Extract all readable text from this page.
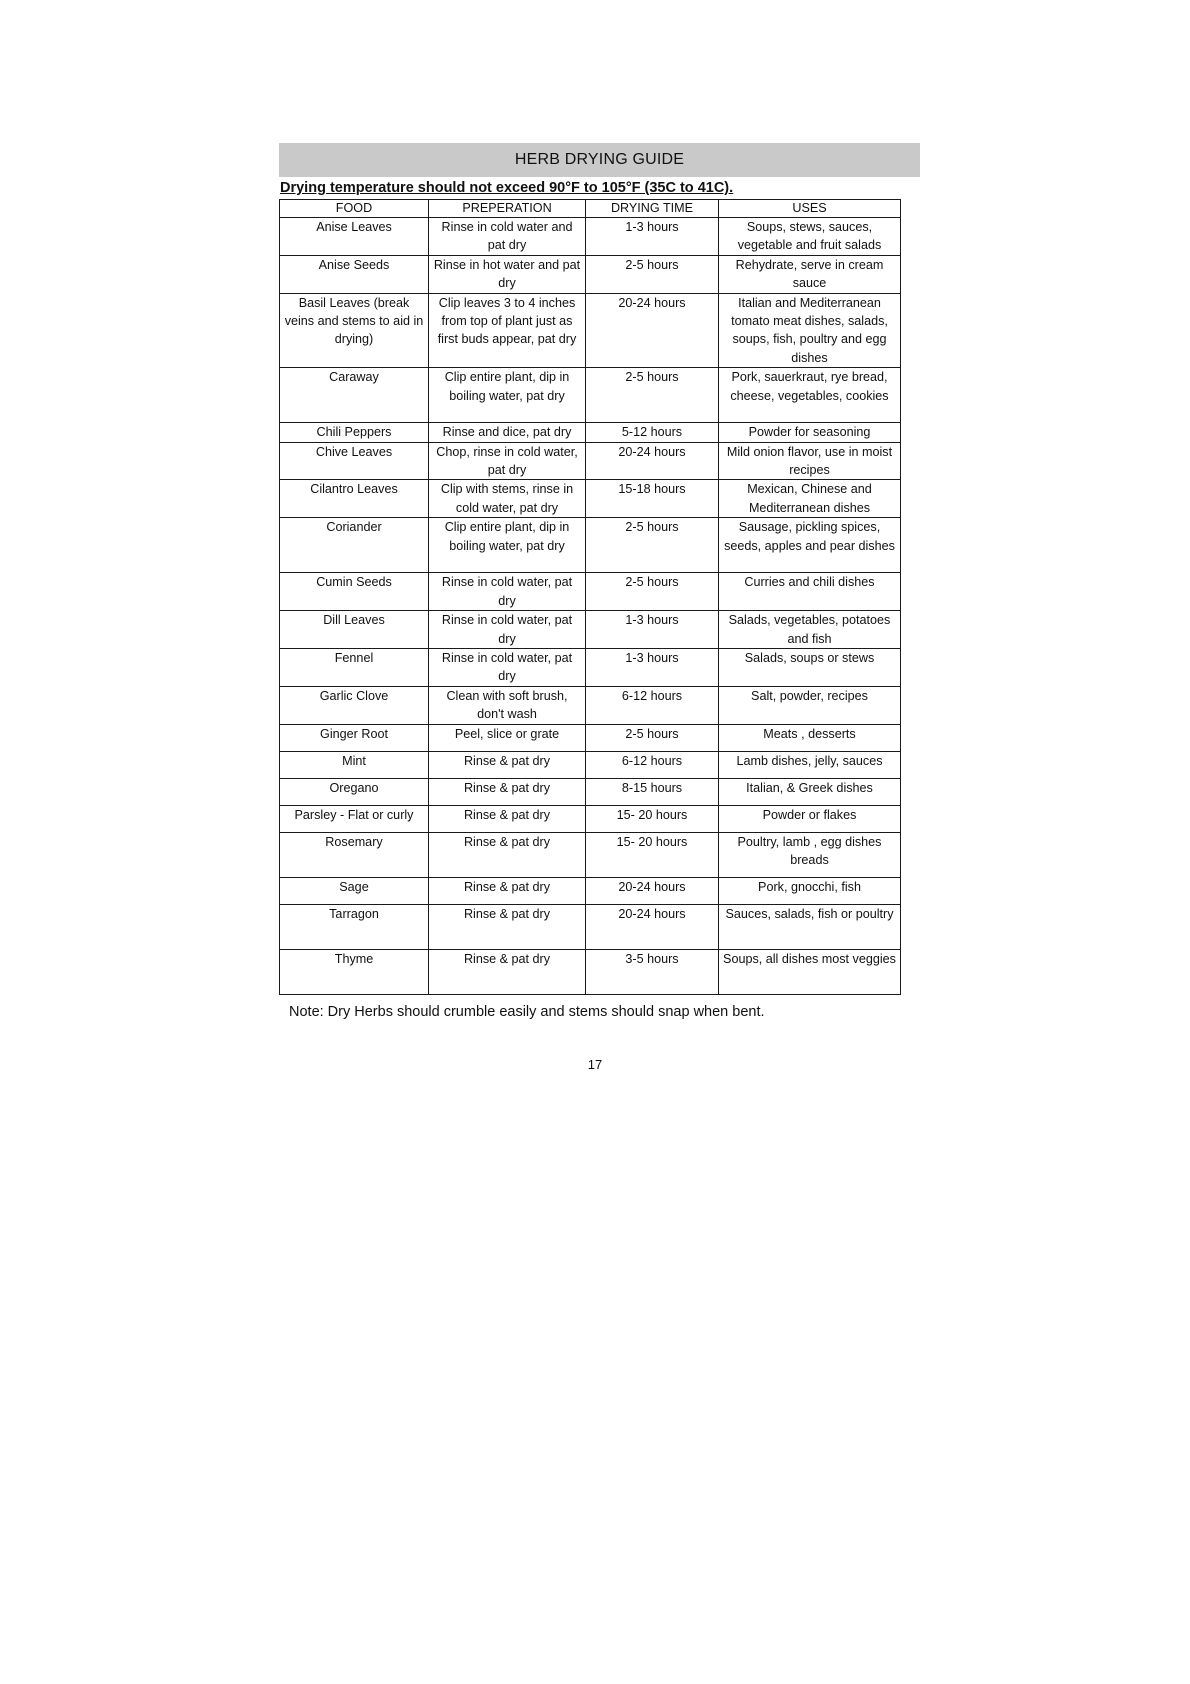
HERB DRYING GUIDE
Drying temperature should not exceed 90°F to 105°F (35C to 41C).
FOOD	PREPERATION	DRYING TIME	USES
Anise Leaves	Rinse in cold water and pat dry	1-3 hours	Soups, stews, sauces, vegetable and fruit salads
Anise Seeds	Rinse in hot water and pat dry	2-5 hours	Rehydrate, serve in cream sauce
Basil Leaves (break veins and stems to aid in drying)	Clip leaves 3 to 4 inches from top of plant just as first buds appear, pat dry	20-24 hours	Italian and Mediterranean tomato meat dishes, salads, soups, fish, poultry and egg dishes
Caraway	Clip entire plant, dip in boiling water, pat dry	2-5 hours	Pork, sauerkraut, rye bread, cheese, vegetables, cookies
Chili Peppers	Rinse and dice, pat dry	5-12 hours	Powder for seasoning
Chive Leaves	Chop, rinse in cold water, pat dry	20-24 hours	Mild onion flavor, use in moist recipes
Cilantro Leaves	Clip with stems, rinse in cold water, pat dry	15-18 hours	Mexican, Chinese and Mediterranean dishes
Coriander	Clip entire plant, dip in boiling water, pat dry	2-5 hours	Sausage, pickling spices, seeds, apples and pear dishes
Cumin Seeds	Rinse in cold water, pat dry	2-5 hours	Curries and chili dishes
Dill Leaves	Rinse in cold water, pat dry	1-3 hours	Salads, vegetables, potatoes and fish
Fennel	Rinse in cold water, pat dry	1-3 hours	Salads, soups or stews
Garlic Clove	Clean with soft brush, don't wash	6-12 hours	Salt, powder, recipes
Ginger Root	Peel, slice or grate	2-5 hours	Meats , desserts
Mint	Rinse & pat dry	6-12 hours	Lamb dishes, jelly, sauces
Oregano	Rinse & pat dry	8-15 hours	Italian, & Greek dishes
Parsley - Flat or curly	Rinse & pat dry	15- 20 hours	Powder or flakes
Rosemary	Rinse & pat dry	15- 20 hours	Poultry, lamb , egg dishes breads
Sage	Rinse & pat dry	20-24 hours	Pork, gnocchi, fish
Tarragon	Rinse & pat dry	20-24 hours	Sauces, salads, fish or poultry
Thyme	Rinse & pat dry	3-5 hours	Soups, all dishes most veggies
Note: Dry Herbs should crumble easily and stems should snap when bent.
17
